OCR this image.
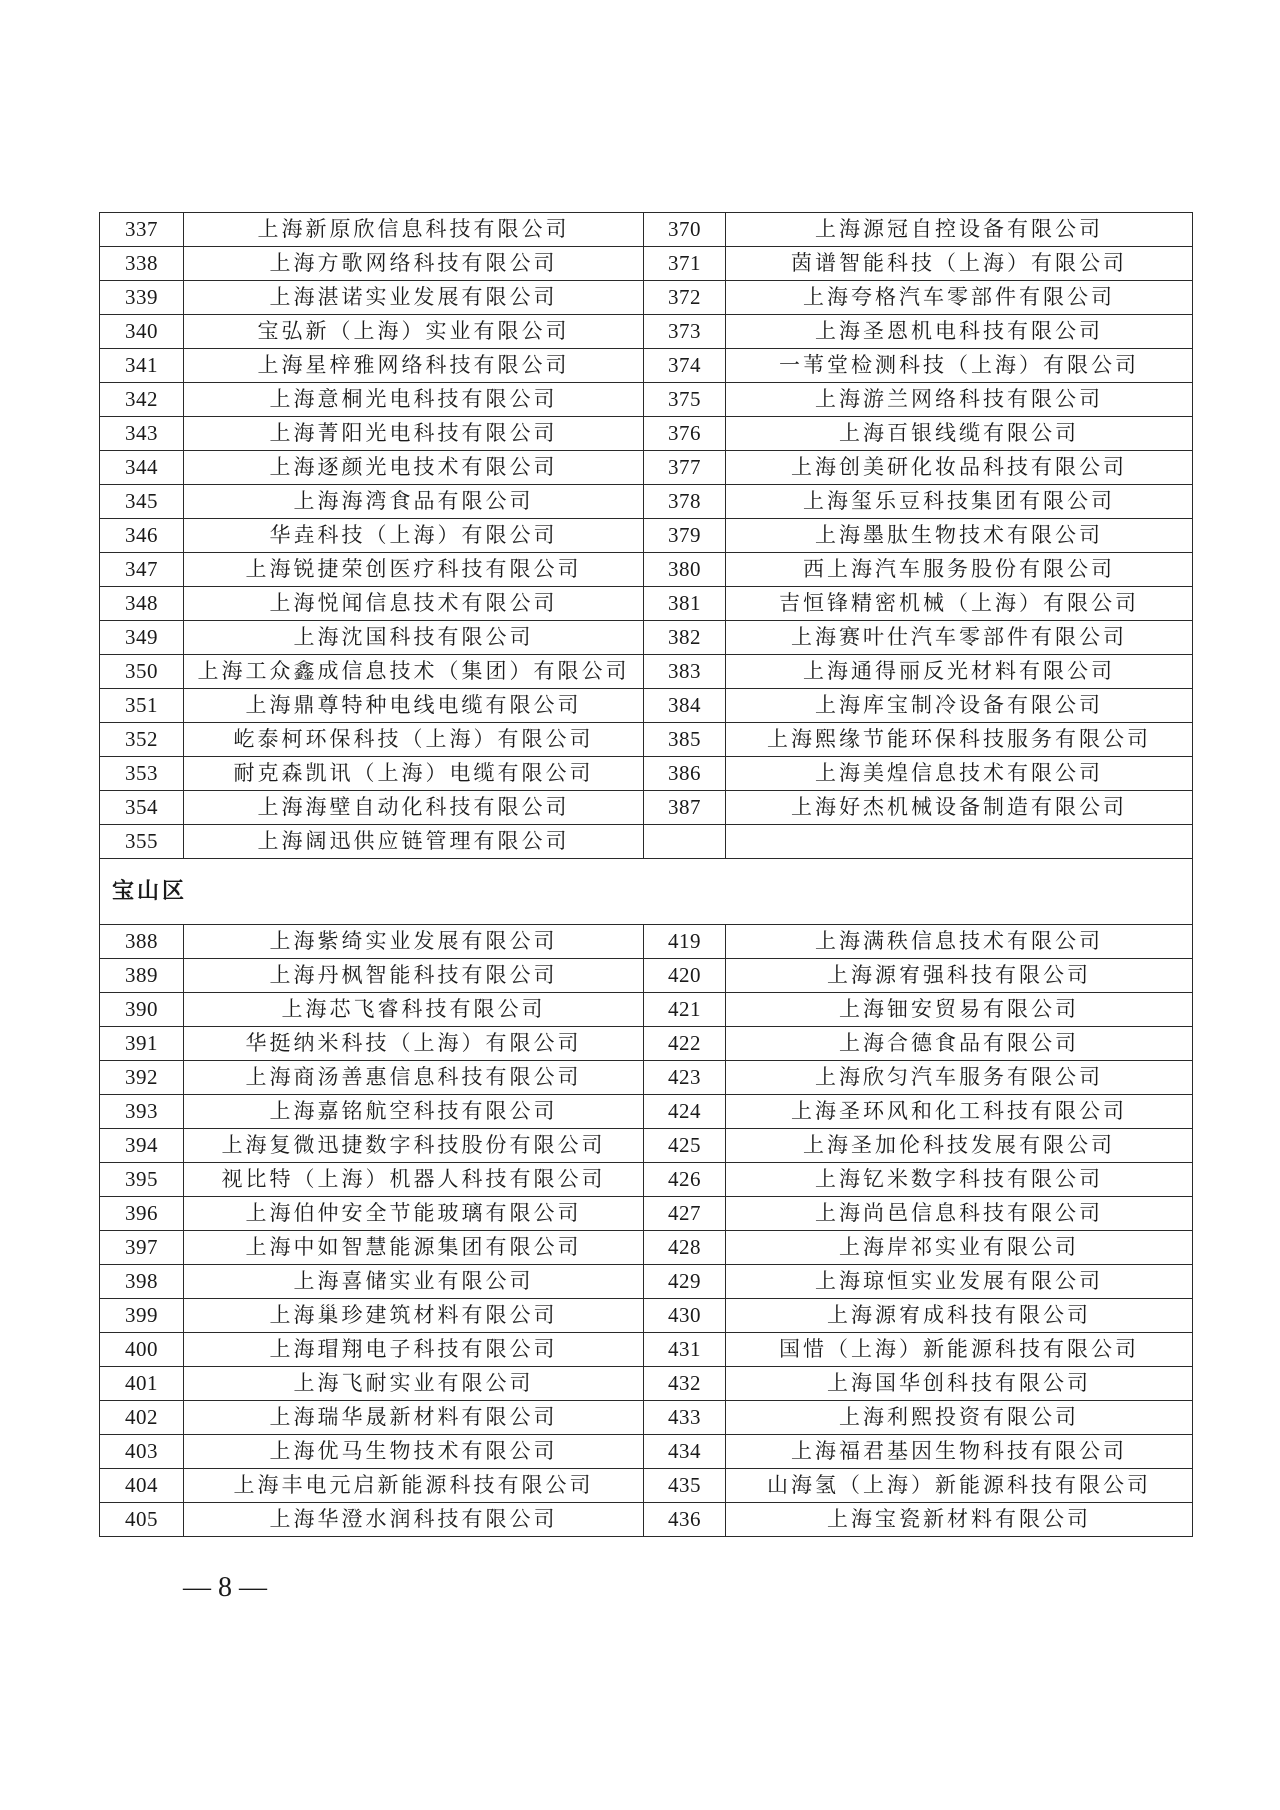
337	上海新原欣信息科技有限公司	370	上海源冠自控设备有限公司
338	上海方歌网络科技有限公司	371	茵谱智能科技（上海）有限公司
339	上海湛诺实业发展有限公司	372	上海夸格汽车零部件有限公司
340	宝弘新（上海）实业有限公司	373	上海圣恩机电科技有限公司
341	上海星梓雅网络科技有限公司	374	一苇堂检测科技（上海）有限公司
342	上海意桐光电科技有限公司	375	上海游兰网络科技有限公司
343	上海菁阳光电科技有限公司	376	上海百银线缆有限公司
344	上海逐颜光电技术有限公司	377	上海创美研化妆品科技有限公司
345	上海海湾食品有限公司	378	上海玺乐豆科技集团有限公司
346	华垚科技（上海）有限公司	379	上海墨肽生物技术有限公司
347	上海锐捷荣创医疗科技有限公司	380	西上海汽车服务股份有限公司
348	上海悦闻信息技术有限公司	381	吉恒锋精密机械（上海）有限公司
349	上海沈国科技有限公司	382	上海赛叶仕汽车零部件有限公司
350	上海工众鑫成信息技术（集团）有限公司	383	上海通得丽反光材料有限公司
351	上海鼎尊特种电线电缆有限公司	384	上海库宝制冷设备有限公司
352	屹泰柯环保科技（上海）有限公司	385	上海熙缘节能环保科技服务有限公司
353	耐克森凯讯（上海）电缆有限公司	386	上海美煌信息技术有限公司
354	上海海壁自动化科技有限公司	387	上海好杰机械设备制造有限公司
355	上海阔迅供应链管理有限公司		
宝山区			
388	上海紫绮实业发展有限公司	419	上海满秩信息技术有限公司
389	上海丹枫智能科技有限公司	420	上海源宥强科技有限公司
390	上海芯飞睿科技有限公司	421	上海钿安贸易有限公司
391	华挺纳米科技（上海）有限公司	422	上海合德食品有限公司
392	上海商汤善惠信息科技有限公司	423	上海欣匀汽车服务有限公司
393	上海嘉铭航空科技有限公司	424	上海圣环风和化工科技有限公司
394	上海复微迅捷数字科技股份有限公司	425	上海圣加伦科技发展有限公司
395	视比特（上海）机器人科技有限公司	426	上海钇米数字科技有限公司
396	上海伯仲安全节能玻璃有限公司	427	上海尚邑信息科技有限公司
397	上海中如智慧能源集团有限公司	428	上海岸祁实业有限公司
398	上海喜储实业有限公司	429	上海琼恒实业发展有限公司
399	上海巢珍建筑材料有限公司	430	上海源宥成科技有限公司
400	上海瑁翔电子科技有限公司	431	国惜（上海）新能源科技有限公司
401	上海飞耐实业有限公司	432	上海国华创科技有限公司
402	上海瑞华晟新材料有限公司	433	上海利熙投资有限公司
403	上海优马生物技术有限公司	434	上海福君基因生物科技有限公司
404	上海丰电元启新能源科技有限公司	435	山海氢（上海）新能源科技有限公司
405	上海华澄水润科技有限公司	436	上海宝瓷新材料有限公司
— 8 —
